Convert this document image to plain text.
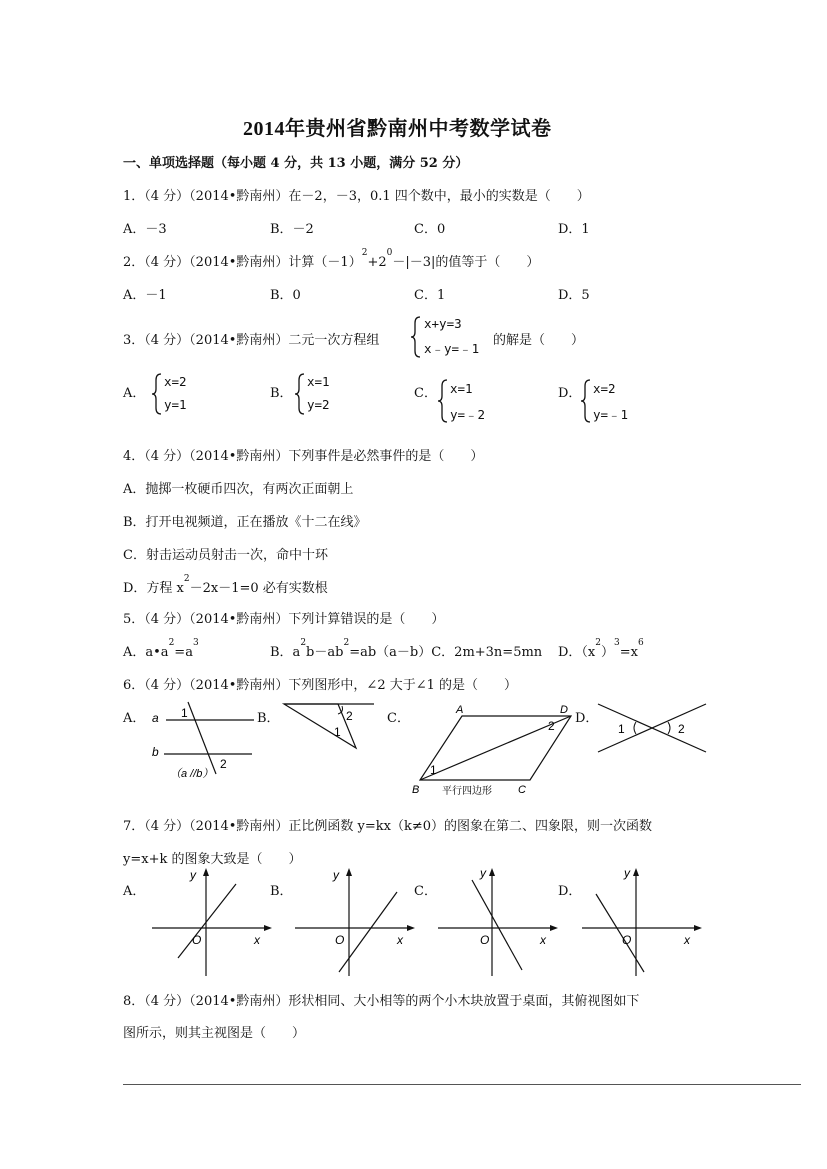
2014年贵州省黔南州中考数学试卷
一、单项选择题（每小题 4 分，共 13 小题，满分 52 分）
1．（4 分）（2014•黔南州）在－2，－3，0.1 四个数中，最小的实数是（　　）
A．－3	B．－2	C．0	D．1
2．（4 分）（2014•黔南州）计算$(-1)^2+2^0-|-3|$的值等于（　　）
A．－1	B．0	C．1	D．5
3．（4 分）（2014•黔南州）二元一次方程组
x+y=3
x﹣y=﹣1
的解是（　　）
A．
x=2
y=1
B．
x=1
y=2
C． x=1
y=﹣2
D． x=2
y=﹣1
4．（4 分）（2014•黔南州）下列事件是必然事件的是（　　）
A．抛掷一枚硬币四次，有两次正面朝上
B．打开电视频道，正在播放《十二在线》
C．射击运动员射击一次，命中十环
D．方程 $x^2-2x-1=0$ 必有实数根
5．（4 分）（2014•黔南州）下列计算错误的是（　　）
A．$a•a^2=a^3$
B．$a^2b-ab^2=ab(a-b)C$．2m+3n=5mn D．$(x^2)^3=x^6$
6．（4 分）（2014•黔南州）下列图形中，∠2 大于∠1 的是（　　）
A． a
b
1
2
（a //b）
B．	2
1
C．
A	D
B	C
1
2
平行四边形
D．
1	2
7．（4 分）（2014•黔南州）正比例函数 y=kx（k≠0）的图象在第二、四象限，则一次函数
y=x+k 的图象大致是（　　）
A．
y
x
O
B．
y
x
O
C．
y
x
O
D．
y
x
O
8．（4 分）（2014•黔南州）形状相同、大小相等的两个小木块放置于桌面，其俯视图如下
图所示，则其主视图是（　　）
